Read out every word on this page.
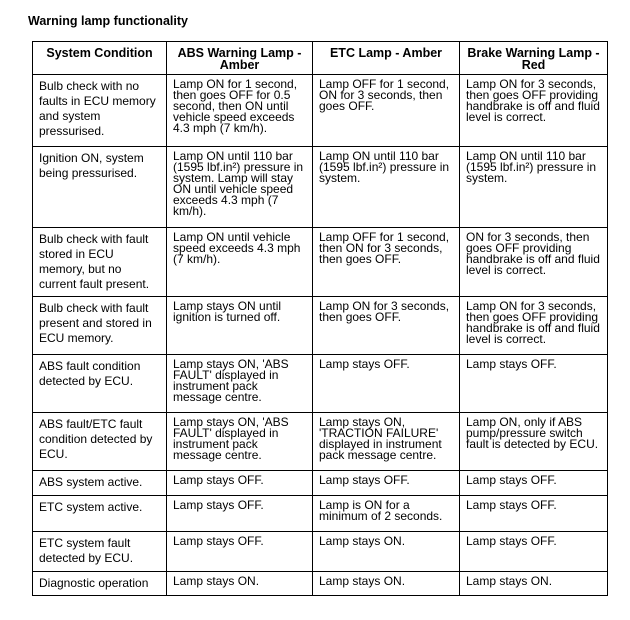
Warning lamp functionality
System Condition	ABS Warning Lamp - Amber	ETC Lamp - Amber	Brake Warning Lamp - Red
Bulb check with no faults in ECU memory and system pressurised.	Lamp ON for 1 second, then goes OFF for 0.5 second, then ON until vehicle speed exceeds 4.3 mph (7 km/h).	Lamp OFF for 1 second, ON for 3 seconds, then goes OFF.	Lamp ON for 3 seconds, then goes OFF providing handbrake is off and fluid level is correct.
Ignition ON, system being pressurised.	Lamp ON until 110 bar (1595 lbf.in²) pressure in system. Lamp will stay ON until vehicle speed exceeds 4.3 mph (7 km/h).	Lamp ON until 110 bar (1595 lbf.in²) pressure in system.	Lamp ON until 110 bar (1595 lbf.in²) pressure in system.
Bulb check with fault stored in ECU memory, but no current fault present.	Lamp ON until vehicle speed exceeds 4.3 mph (7 km/h).	Lamp OFF for 1 second, then ON for 3 seconds, then goes OFF.	ON for 3 seconds, then goes OFF providing handbrake is off and fluid level is correct.
Bulb check with fault present and stored in ECU memory.	Lamp stays ON until ignition is turned off.	Lamp ON for 3 seconds, then goes OFF.	Lamp ON for 3 seconds, then goes OFF providing handbrake is off and fluid level is correct.
ABS fault condition detected by ECU.	Lamp stays ON, 'ABS FAULT' displayed in instrument pack message centre.	Lamp stays OFF.	Lamp stays OFF.
ABS fault/ETC fault condition detected by ECU.	Lamp stays ON, 'ABS FAULT' displayed in instrument pack message centre.	Lamp stays ON, 'TRACTION FAILURE' displayed in instrument pack message centre.	Lamp ON, only if ABS pump/pressure switch fault is detected by ECU.
ABS system active.	Lamp stays OFF.	Lamp stays OFF.	Lamp stays OFF.
ETC system active.	Lamp stays OFF.	Lamp is ON for a minimum of 2 seconds.	Lamp stays OFF.
ETC system fault detected by ECU.	Lamp stays OFF.	Lamp stays ON.	Lamp stays OFF.
Diagnostic operation	Lamp stays ON.	Lamp stays ON.	Lamp stays ON.
